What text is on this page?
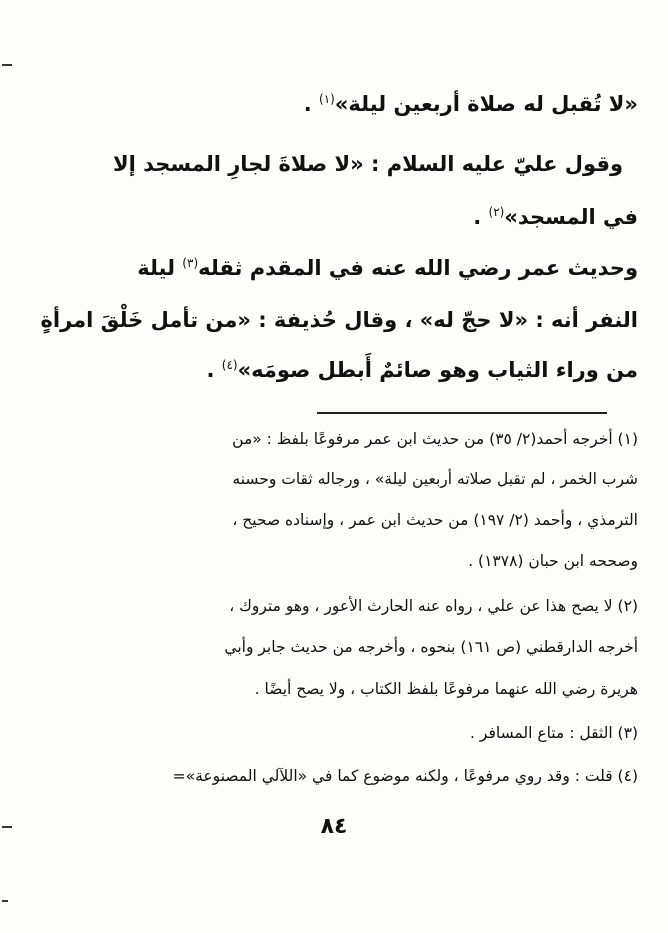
«لا تُقبل له صلاة أربعين ليلة»$^{(١)}$ .
وقول عليّ عليه السلام : «لا صلاةَ لجارِ المسجد إلا
في المسجد»$^{(٢)}$ .
وحديث عمر رضي الله عنه في المقدم ثقله$^{(٣)}$ ليلة
النفر أنه : «لا حجّ له» ، وقال حُذيفة : «من تأمل خَلْقَ امرأةٍ
من وراء الثياب وهو صائمٌ أَبطل صومَه»$^{(٤)}$ .
(١) أخرجه أحمد(٢/ ٣٥) من حديث ابن عمر مرفوعًا بلفظ : «من
شرب الخمر ، لم تقبل صلاته أربعين ليلة» ، ورجاله ثقات وحسنه
الترمذي ، وأحمد (٢/ ١٩٧) من حديث ابن عمر ، وإسناده صحيح ،
وصححه ابن حبان (١٣٧٨) .
(٢) لا يصح هذا عن علي ، رواه عنه الحارث الأعور ، وهو متروك ،
أخرجه الدارقطني (ص ١٦١) بنحوه ، وأخرجه من حديث جابر وأبي
هريرة رضي الله عنهما مرفوعًا بلفظ الكتاب ، ولا يصح أيضًا .
(٣) الثقل : متاع المسافر .
(٤) قلت : وقد روي مرفوعًا ، ولكنه موضوع كما في «اللآلي المصنوعة»=
٨٤
